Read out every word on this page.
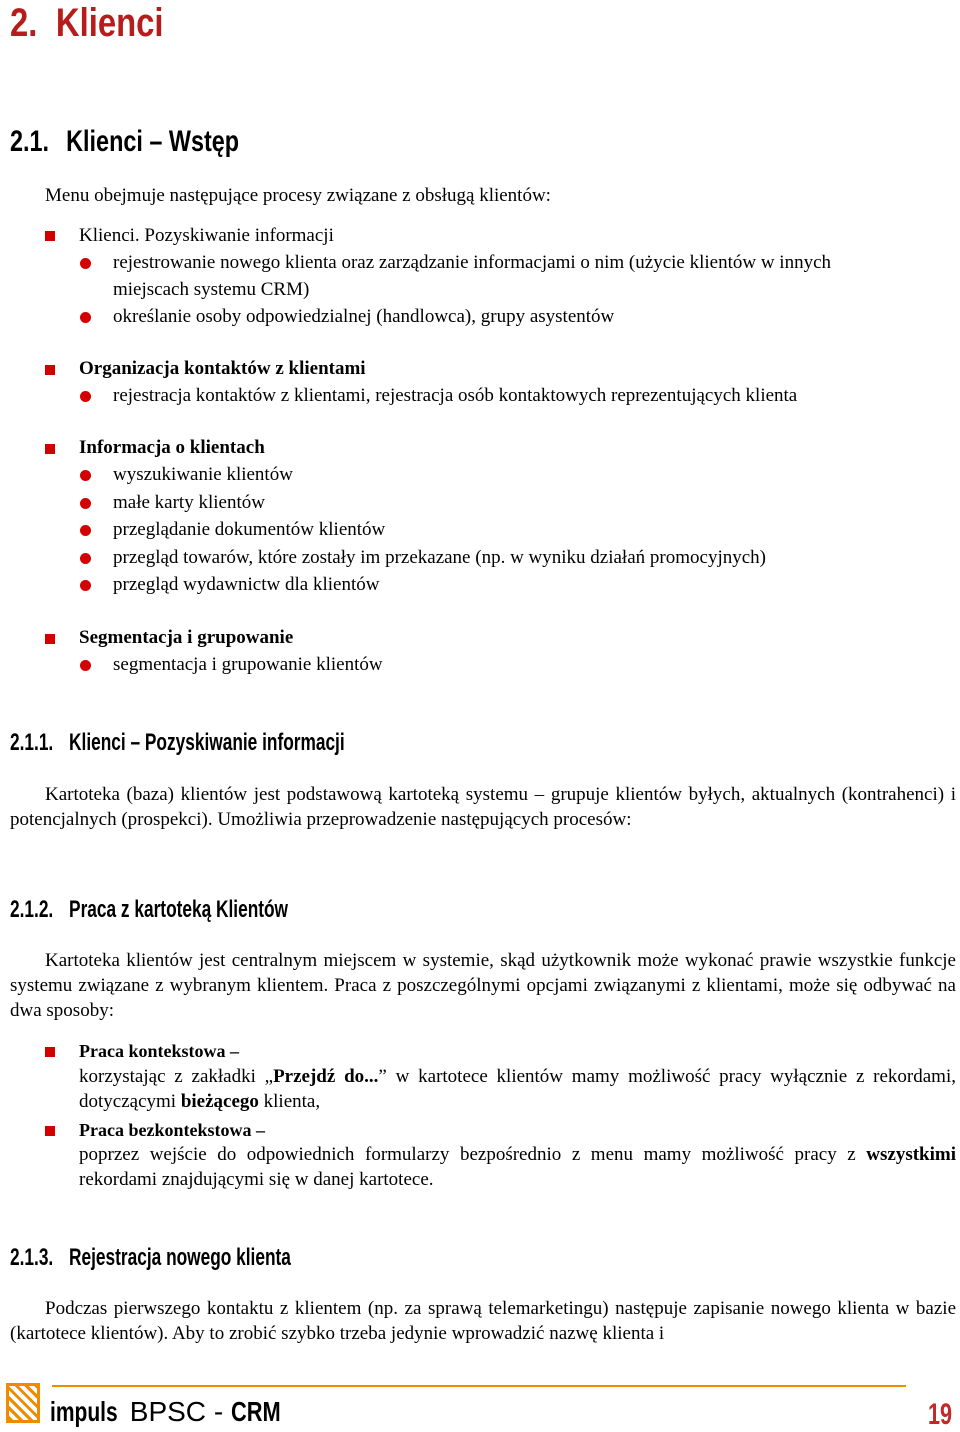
2. Klienci
2.1. Klienci – Wstęp
Menu obejmuje następujące procesy związane z obsługą klientów:
Klienci. Pozyskiwanie informacji
rejestrowanie nowego klienta oraz zarządzanie informacjami o nim (użycie klientów w innych
miejscach systemu CRM)
określanie osoby odpowiedzialnej (handlowca), grupy asystentów
Organizacja kontaktów z klientami
rejestracja kontaktów z klientami, rejestracja osób kontaktowych reprezentujących klienta
Informacja o klientach
wyszukiwanie klientów
małe karty klientów
przeglądanie dokumentów klientów
przegląd towarów, które zostały im przekazane (np. w wyniku działań promocyjnych)
przegląd wydawnictw dla klientów
Segmentacja i grupowanie
segmentacja i grupowanie klientów
2.1.1. Klienci – Pozyskiwanie informacji

Kartoteka (baza) klientów jest podstawową kartoteką systemu – grupuje klientów byłych, aktualnych (kontrahenci) i potencjalnych (prospekci). Umożliwia przeprowadzenie następujących procesów:

2.1.2. Praca z kartoteką Klientów

Kartoteka klientów jest centralnym miejscem w systemie, skąd użytkownik może wykonać prawie wszystkie funkcje systemu związane z wybranym klientem. Praca z poszczególnymi opcjami związanymi z klientami, może się odbywać na dwa sposoby:

Praca kontekstowa –

korzystając z zakładki „Przejdź do...” w kartotece klientów mamy możliwość pracy wyłącznie z rekordami, dotyczącymi bieżącego klienta,

Praca bezkontekstowa –

poprzez wejście do odpowiednich formularzy bezpośrednio z menu mamy możliwość pracy z wszystkimi rekordami znajdującymi się w danej kartotece.

2.1.3. Rejestracja nowego klienta

Podczas pierwszego kontaktu z klientem (np. za sprawą telemarketingu) następuje zapisanie nowego klienta w bazie (kartotece klientów). Aby to zrobić szybko trzeba jedynie wprowadzić nazwę klienta i

impuls BPSC - CRM	19
